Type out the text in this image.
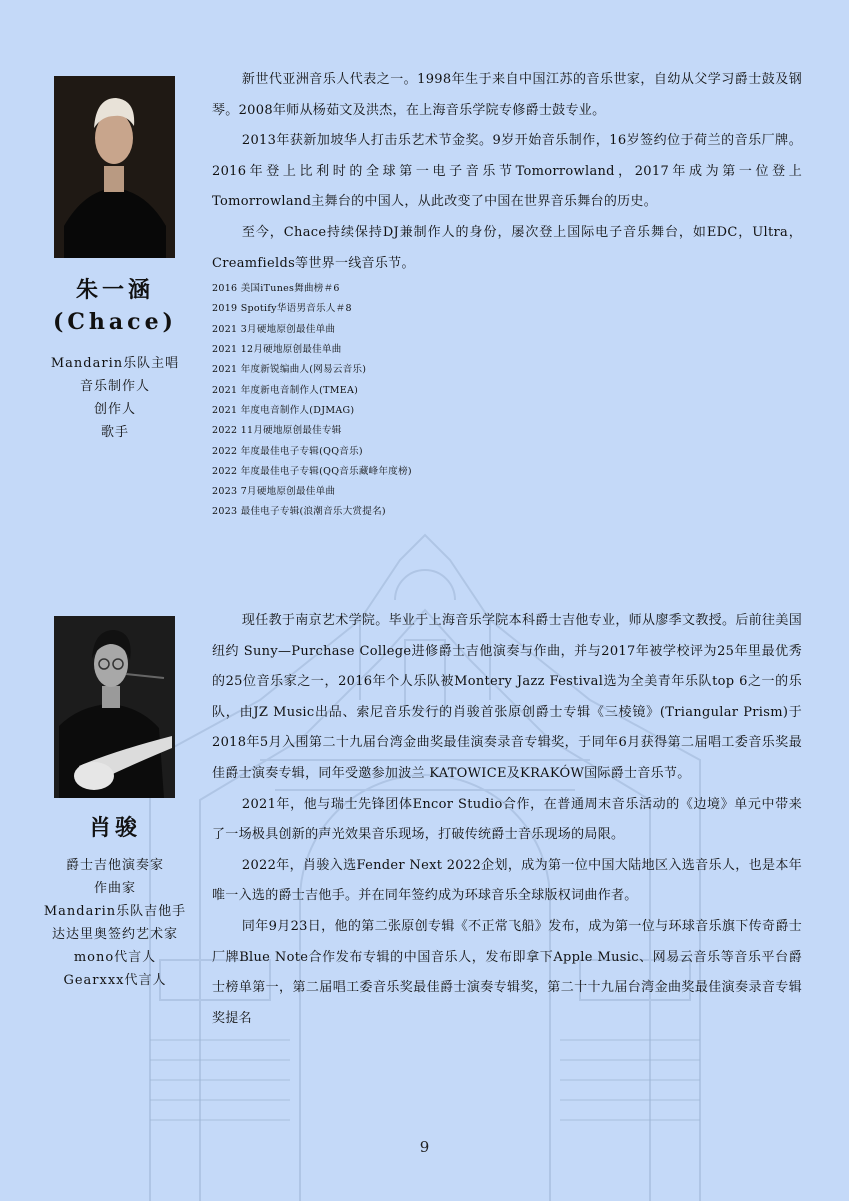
朱一涵
(Chace)
Mandarin乐队主唱
音乐制作人
创作人
歌手

新世代亚洲音乐人代表之一。1998年生于来自中国江苏的音乐世家，自幼从父学习爵士鼓及钢琴。2008年师从杨茹文及洪杰，在上海音乐学院专修爵士鼓专业。

2013年获新加坡华人打击乐艺术节金奖。9岁开始音乐制作，16岁签约位于荷兰的音乐厂牌。2016年登上比利时的全球第一电子音乐节Tomorrowland，2017年成为第一位登上Tomorrowland主舞台的中国人，从此改变了中国在世界音乐舞台的历史。

至今，Chace持续保持DJ兼制作人的身份，屡次登上国际电子音乐舞台，如EDC，Ultra，Creamfields等世界一线音乐节。

2016 美国iTunes舞曲榜＃6
2019 Spotify华语男音乐人＃8
2021 3月硬地原创最佳单曲
2021 12月硬地原创最佳单曲
2021 年度新锐编曲人(网易云音乐)
2021 年度新电音制作人(TMEA)
2021 年度电音制作人(DJMAG)
2022 11月硬地原创最佳专辑
2022 年度最佳电子专辑(QQ音乐)
2022 年度最佳电子专辑(QQ音乐藏峰年度榜)
2023 7月硬地原创最佳单曲
2023 最佳电子专辑(浪潮音乐大赏提名)
肖骏
爵士吉他演奏家
作曲家
Mandarin乐队吉他手
达达里奥签约艺术家
mono代言人
Gearxxx代言人

现任教于南京艺术学院。毕业于上海音乐学院本科爵士吉他专业，师从廖季文教授。后前往美国纽约 Suny—Purchase College进修爵士吉他演奏与作曲，并与2017年被学校评为25年里最优秀的25位音乐家之一，2016年个人乐队被Montery Jazz Festival选为全美青年乐队top 6之一的乐队，由JZ Music出品、索尼音乐发行的肖骏首张原创爵士专辑《三棱镜》(Triangular Prism)于2018年5月入围第二十九届台湾金曲奖最佳演奏录音专辑奖，于同年6月获得第二届唱工委音乐奖最佳爵士演奏专辑，同年受邀参加波兰 KATOWICE及KRAKÓW国际爵士音乐节。

2021年，他与瑞士先锋团体Encor Studio合作，在普通周末音乐活动的《边境》单元中带来了一场极具创新的声光效果音乐现场，打破传统爵士音乐现场的局限。

2022年，肖骏入选Fender Next 2022企划，成为第一位中国大陆地区入选音乐人，也是本年唯一入选的爵士吉他手。并在同年签约成为环球音乐全球版权词曲作者。

同年9月23日，他的第二张原创专辑《不正常飞船》发布，成为第一位与环球音乐旗下传奇爵士厂牌Blue Note合作发布专辑的中国音乐人，发布即拿下Apple Music、网易云音乐等音乐平台爵士榜单第一，第二届唱工委音乐奖最佳爵士演奏专辑奖，第二十十九届台湾金曲奖最佳演奏录音专辑奖提名

9
